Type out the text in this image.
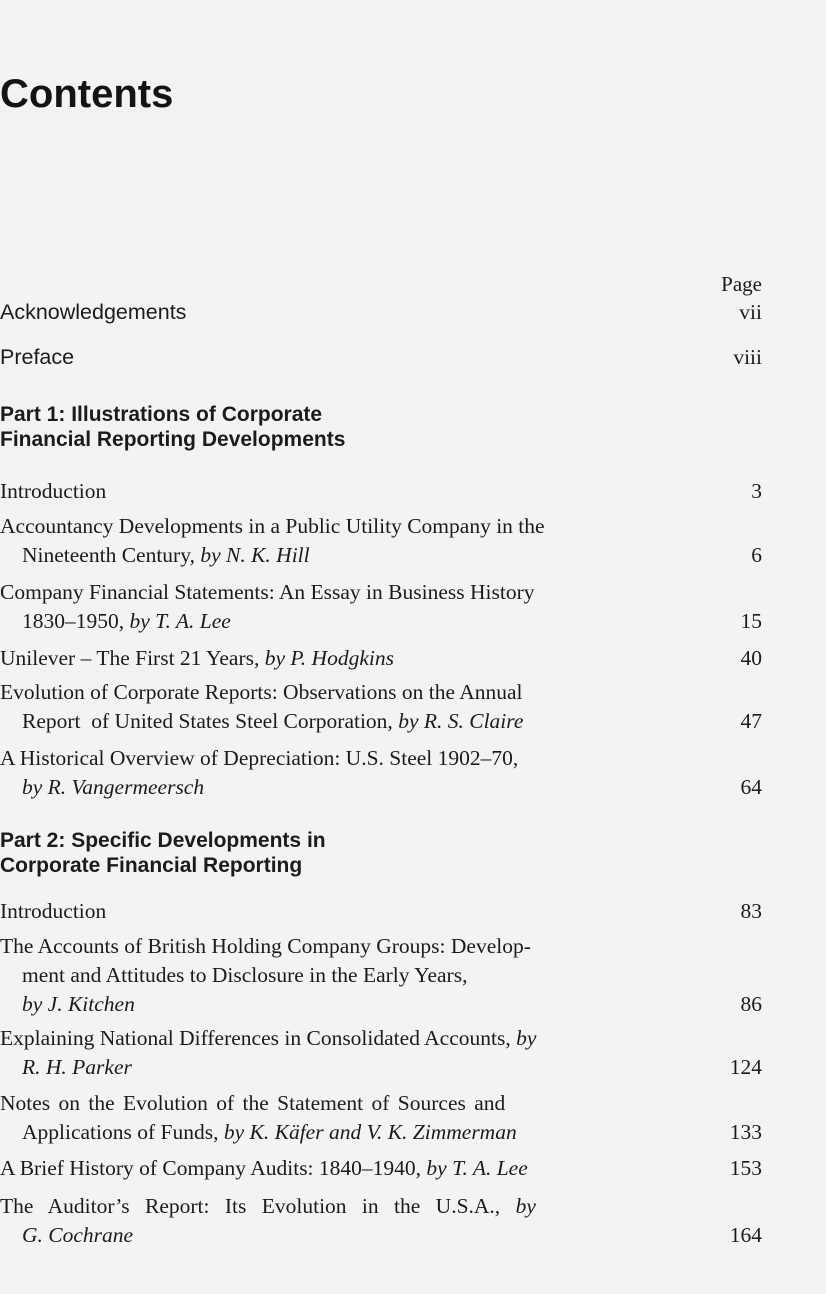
Contents
Page
Acknowledgements	vii
Preface	viii
Part 1: Illustrations of Corporate
Financial Reporting Developments
Introduction	3
Accountancy Developments in a Public Utility Company in the
Nineteenth Century, by N. K. Hill	6
Company Financial Statements: An Essay in Business History
1830–1950, by T. A. Lee	15
Unilever – The First 21 Years, by P. Hodgkins	40
Evolution of Corporate Reports: Observations on the Annual
Report  of United States Steel Corporation, by R. S. Claire	47
A Historical Overview of Depreciation: U.S. Steel 1902–70,
by R. Vangermeersch	64
Part 2: Specific Developments in
Corporate Financial Reporting
Introduction	83
The Accounts of British Holding Company Groups: Develop-
ment and Attitudes to Disclosure in the Early Years,
by J. Kitchen	86
Explaining National Differences in Consolidated Accounts, by
R. H. Parker	124
Notes on the Evolution of the Statement of Sources and
Applications of Funds, by K. Käfer and V. K. Zimmerman	133
A Brief History of Company Audits: 1840–1940, by T. A. Lee	153
The Auditor’s Report: Its Evolution in the U.S.A., by
G. Cochrane	164
